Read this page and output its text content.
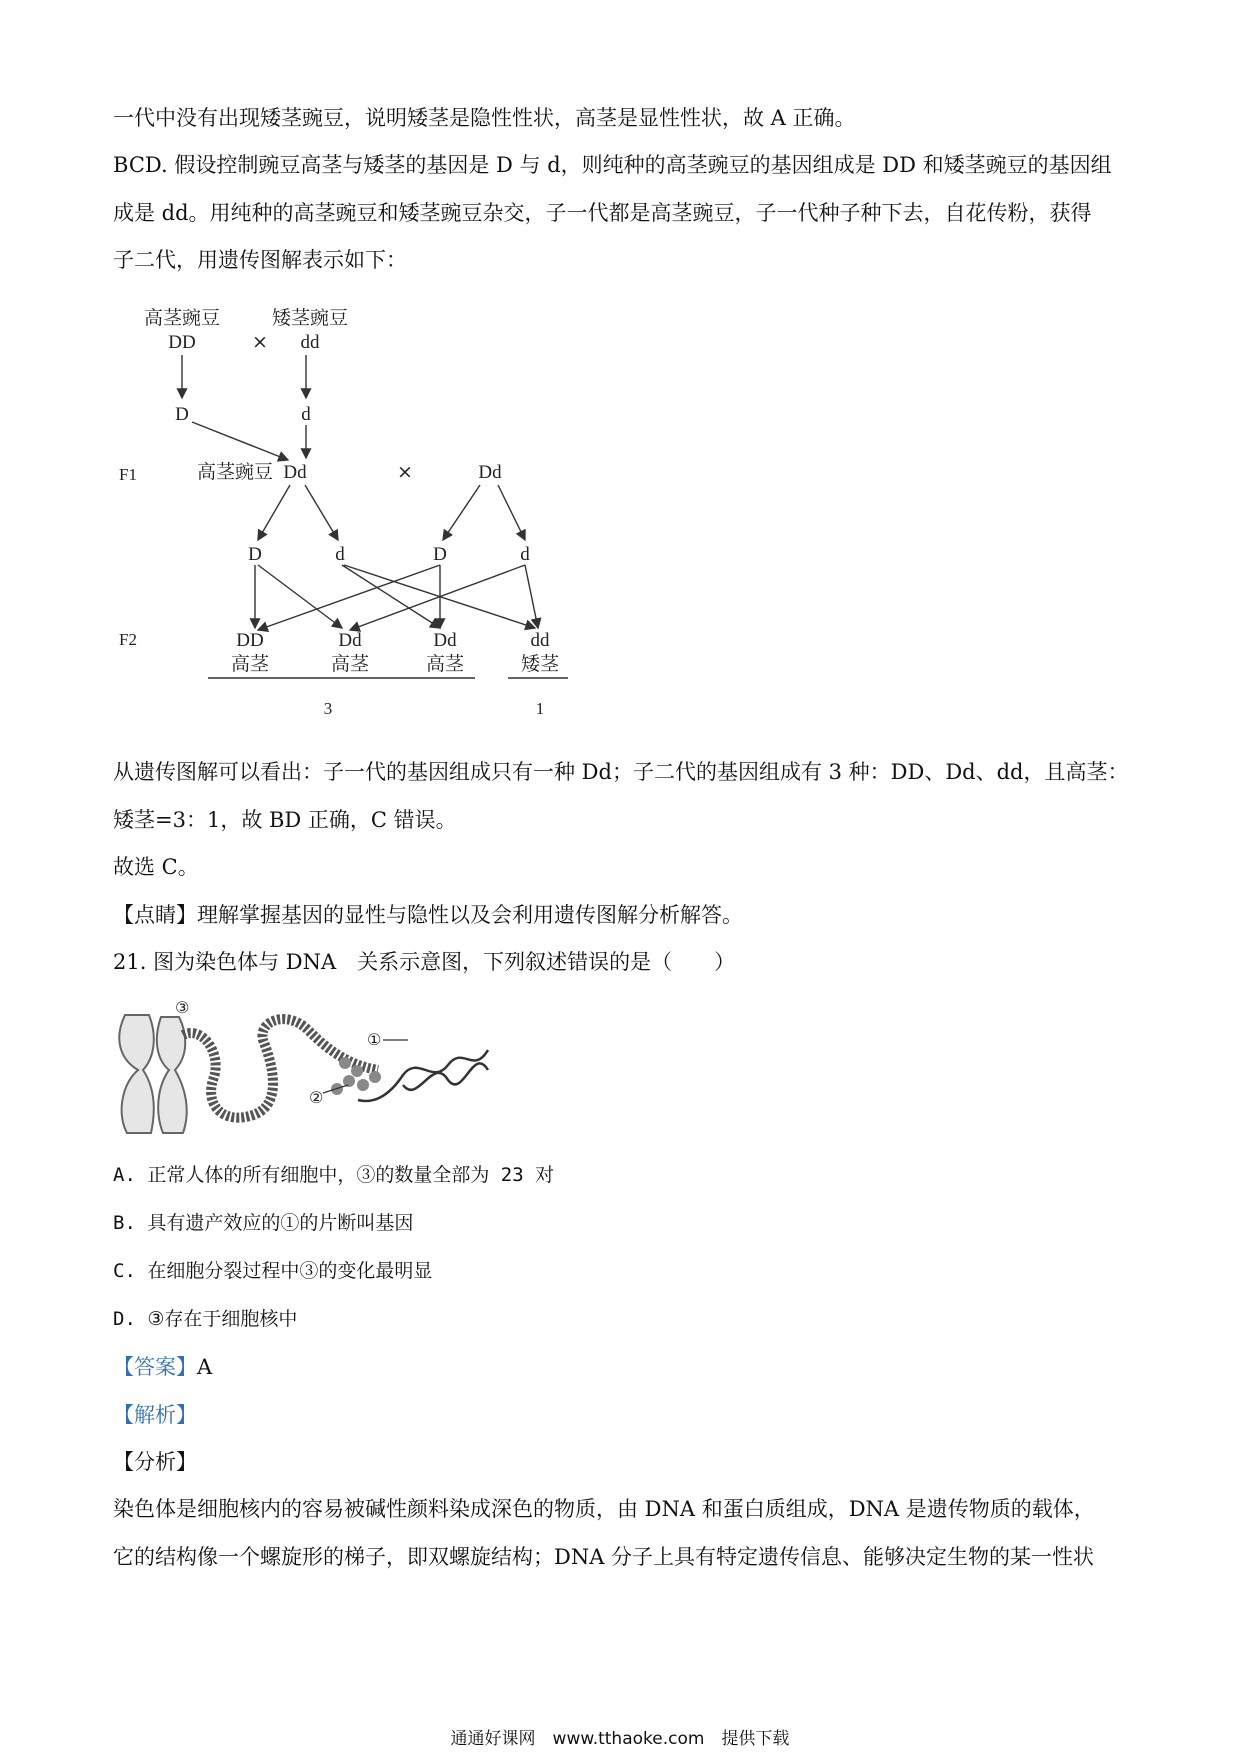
一代中没有出现矮茎豌豆，说明矮茎是隐性性状，高茎是显性性状，故 A 正确。
BCD. 假设控制豌豆高茎与矮茎的基因是 D 与 d，则纯种的高茎豌豆的基因组成是 DD 和矮茎豌豆的基因组
成是 dd。用纯种的高茎豌豆和矮茎豌豆杂交，子一代都是高茎豌豆，子一代种子种下去，自花传粉，获得
子二代，用遗传图解表示如下：
高茎豌豆
DD	×
矮茎豌豆
dd
D	d
F1	高茎豌豆 Dd	×	Dd
D	d	D	d
F2	DD	Dd	Dd	dd
高茎	高茎	高茎	矮茎
3	1
从遗传图解可以看出：子一代的基因组成只有一种 Dd；子二代的基因组成有 3 种：DD、Dd、dd，且高茎：
矮茎=3：1，故 BD 正确，C 错误。
故选 C。
【点睛】理解掌握基因的显性与隐性以及会利用遗传图解分析解答。
21. 图为染色体与 DNA　关系示意图，下列叙述错误的是（　　）
③
①
②
A. 正常人体的所有细胞中，③的数量全部为 23 对
B. 具有遗产效应的①的片断叫基因
C. 在细胞分裂过程中③的变化最明显
D. ③存在于细胞核中
【答案】A
【解析】
【分析】
染色体是细胞核内的容易被碱性颜料染成深色的物质，由 DNA 和蛋白质组成，DNA 是遗传物质的载体，
它的结构像一个螺旋形的梯子，即双螺旋结构；DNA 分子上具有特定遗传信息、能够决定生物的某一性状
通通好课网　www.tthaoke.com　提供下载
